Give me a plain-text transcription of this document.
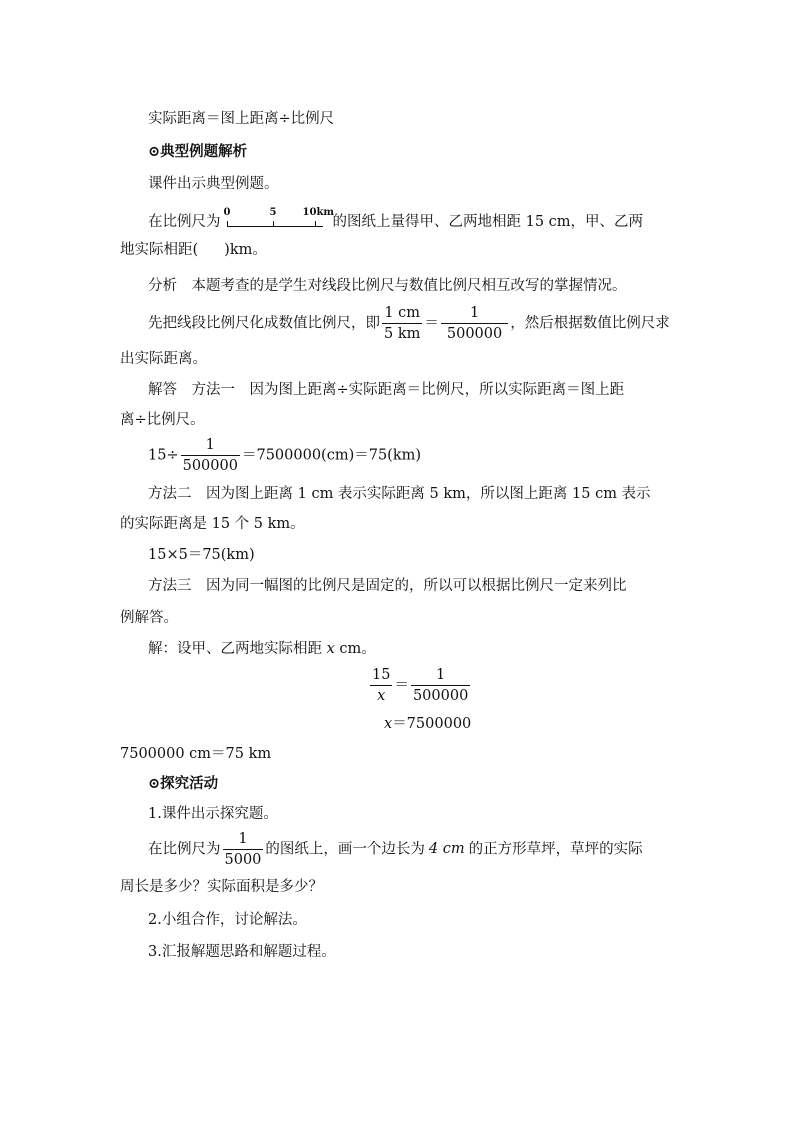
实际距离＝图上距离÷比例尺
⊙典型例题解析
课件出示典型例题。
在比例尺为
0	5	10 km
的图纸上量得甲、乙两地相距 15 cm，甲、乙两
地实际相距( )km。
分析　本题考查的是学生对线段比例尺与数值比例尺相互改写的掌握情况。
先把线段比例尺化成数值比例尺，即 $\frac{1 cm}{5 km} = \frac{1}{500000}$ ，然后根据数值比例尺求
出实际距离。
解答　方法一　因为图上距离÷实际距离＝比例尺，所以实际距离＝图上距
离÷比例尺。
$15\div \frac{1}{500000} =7500000(cm)=75(km)$
方法二　因为图上距离 1 cm 表示实际距离 5 km，所以图上距离 15 cm 表示
的实际距离是 15 个 5 km。
15×5＝75(km)
方法三　因为同一幅图的比例尺是固定的，所以可以根据比例尺一定来列比
例解答。
解：设甲、乙两地实际相距 x cm。
$\frac{15}{x} = \frac{1}{500000}$
x＝7500000
7500000 cm＝75 km
⊙探究活动
1.课件出示探究题。
在比例尺为 $\frac{1}{5000}$ 的图纸上，画一个边长为 4 cm 的正方形草坪，草坪的实际
周长是多少？实际面积是多少？
2.小组合作，讨论解法。
3.汇报解题思路和解题过程。
